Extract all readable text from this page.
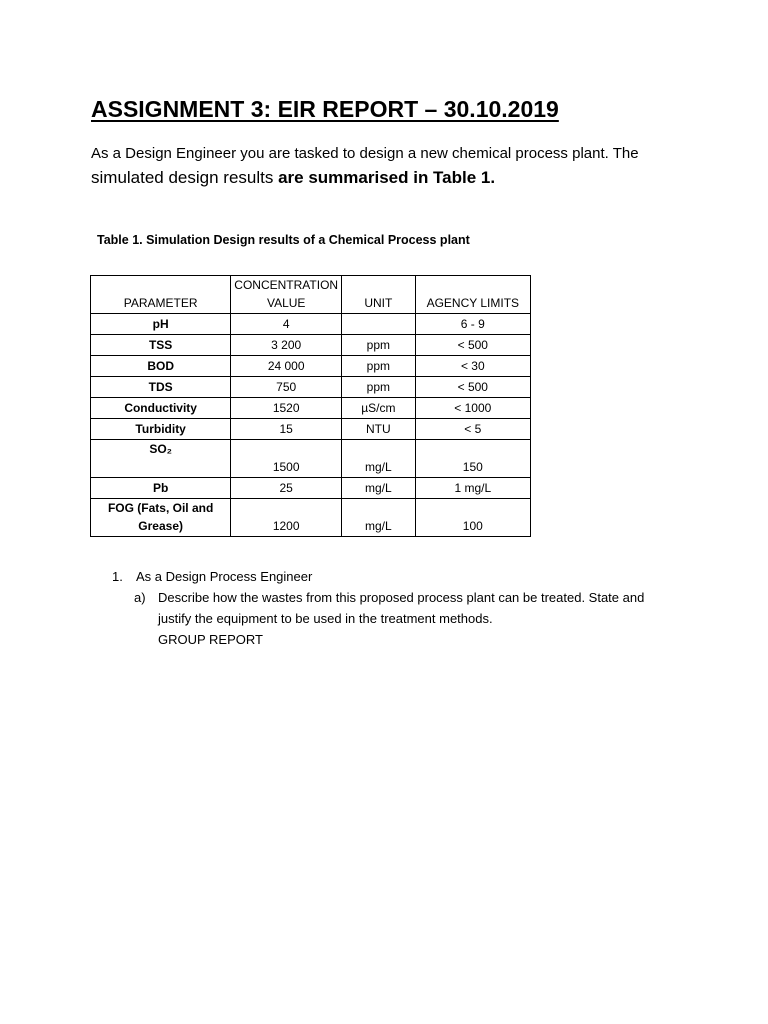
ASSIGNMENT 3: EIR REPORT – 30.10.2019
As a Design Engineer you are tasked to design a new chemical process plant. The
simulated design results are summarised in Table 1.
Table 1. Simulation Design results of a Chemical Process plant
PARAMETER	CONCENTRATION VALUE	UNIT	AGENCY LIMITS
pH	4		6 - 9
TSS	3 200	ppm	< 500
BOD	24 000	ppm	< 30
TDS	750	ppm	< 500
Conductivity	1520	µS/cm	< 1000
Turbidity	15	NTU	< 5
SO₂	1500	mg/L	150
Pb	25	mg/L	1 mg/L
FOG (Fats, Oil and Grease)	1200	mg/L	100
1. As a Design Process Engineer
a) Describe how the wastes from this proposed process plant can be treated. State and
justify the equipment to be used in the treatment methods.
GROUP REPORT
